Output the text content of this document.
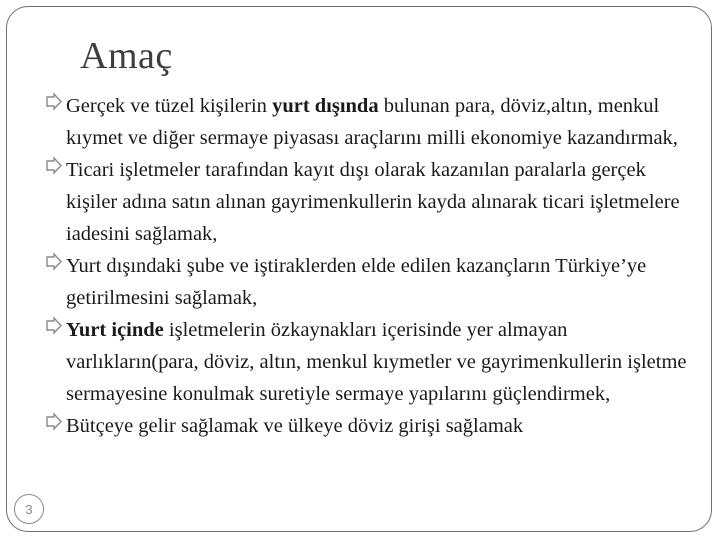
Amaç
Gerçek ve tüzel kişilerin yurt dışında bulunan para, döviz,altın, menkul kıymet ve diğer sermaye piyasası araçlarını milli ekonomiye kazandırmak,
Ticari işletmeler tarafından kayıt dışı olarak kazanılan paralarla gerçek kişiler adına satın alınan gayrimenkullerin kayda alınarak ticari işletmelere iadesini sağlamak,
Yurt dışındaki şube ve iştiraklerden elde edilen kazançların Türkiye’ye getirilmesini sağlamak,
Yurt içinde işletmelerin özkaynakları içerisinde yer almayan varlıkların(para, döviz, altın, menkul kıymetler ve gayrimenkullerin işletme sermayesine konulmak suretiyle sermaye yapılarını güçlendirmek,
Bütçeye gelir sağlamak ve ülkeye döviz girişi sağlamak
3
